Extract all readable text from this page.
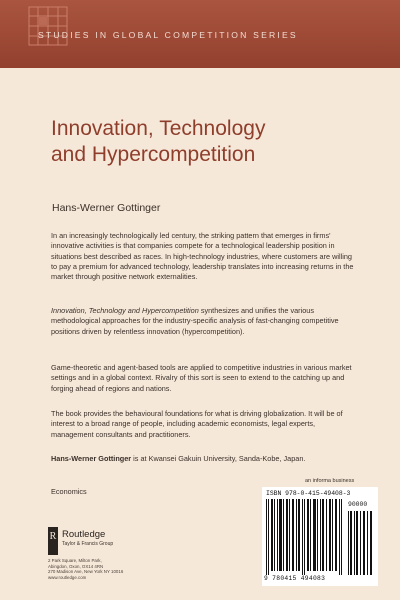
STUDIES IN GLOBAL COMPETITION SERIES
Innovation, Technology
and Hypercompetition
Hans-Werner Gottinger
In an increasingly technologically led century, the striking pattern that emerges in firms' innovative activities is that companies compete for a technological leadership position in situations best described as races. In high-technology industries, where customers are willing to pay a premium for advanced technology, leadership translates into increasing returns in the market through positive network externalities.
Innovation, Technology and Hypercompetition synthesizes and unifies the various methodological approaches for the industry-specific analysis of fast-changing competitive positions driven by relentless innovation (hypercompetition).
Game-theoretic and agent-based tools are applied to competitive industries in various market settings and in a global context. Rivalry of this sort is seen to extend to the catching up and forging ahead of regions and nations.
The book provides the behavioural foundations for what is driving globalization. It will be of interest to a broad range of people, including academic economists, legal experts, management consultants and practitioners.
Hans-Werner Gottinger is at Kwansei Gakuin University, Sanda-Kobe, Japan.
Economics
an informa business
ISBN 978-0-415-49408-3
90000
9 780415 494083
R Routledge
Taylor & Francis Group
2 Park Square, Milton Park,
Abingdon, Oxon, OX14 4RN
270 Madison Ave, New York NY 10016
www.routledge.com
